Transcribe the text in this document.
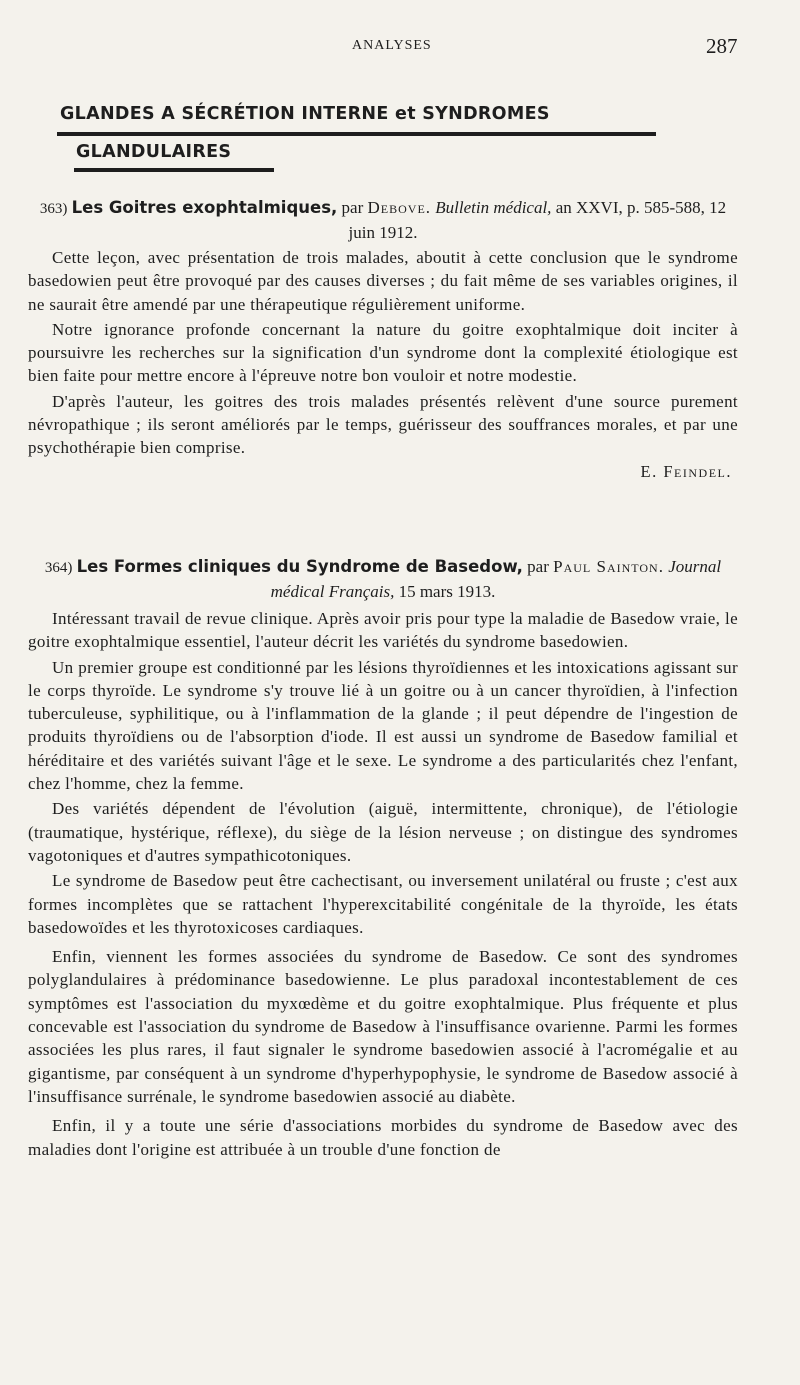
ANALYSES	287
GLANDES A SÉCRÉTION INTERNE et SYNDROMES
GLANDULAIRES
363) Les Goitres exophtalmiques, par Debove. Bulletin médical, an XXVI, p. 585-588, 12 juin 1912.

Cette leçon, avec présentation de trois malades, aboutit à cette conclusion que le syndrome basedowien peut être provoqué par des causes diverses ; du fait même de ses variables origines, il ne saurait être amendé par une thérapeutique régulièrement uniforme.

Notre ignorance profonde concernant la nature du goitre exophtalmique doit inciter à poursuivre les recherches sur la signification d'un syndrome dont la complexité étiologique est bien faite pour mettre encore à l'épreuve notre bon vouloir et notre modestie.

D'après l'auteur, les goitres des trois malades présentés relèvent d'une source purement névropathique ; ils seront améliorés par le temps, guérisseur des souffrances morales, et par une psychothérapie bien comprise.

E. Feindel.
364) Les Formes cliniques du Syndrome de Basedow, par Paul Sainton. Journal médical Français, 15 mars 1913.

Intéressant travail de revue clinique. Après avoir pris pour type la maladie de Basedow vraie, le goitre exophtalmique essentiel, l'auteur décrit les variétés du syndrome basedowien.

Un premier groupe est conditionné par les lésions thyroïdiennes et les intoxications agissant sur le corps thyroïde. Le syndrome s'y trouve lié à un goitre ou à un cancer thyroïdien, à l'infection tuberculeuse, syphilitique, ou à l'inflammation de la glande ; il peut dépendre de l'ingestion de produits thyroïdiens ou de l'absorption d'iode. Il est aussi un syndrome de Basedow familial et héréditaire et des variétés suivant l'âge et le sexe. Le syndrome a des particularités chez l'enfant, chez l'homme, chez la femme.

Des variétés dépendent de l'évolution (aiguë, intermittente, chronique), de l'étiologie (traumatique, hystérique, réflexe), du siège de la lésion nerveuse ; on distingue des syndromes vagotoniques et d'autres sympathicotoniques.

Le syndrome de Basedow peut être cachectisant, ou inversement unilatéral ou fruste ; c'est aux formes incomplètes que se rattachent l'hyperexcitabilité congénitale de la thyroïde, les états basedowoïdes et les thyrotoxicoses cardiaques.

Enfin, viennent les formes associées du syndrome de Basedow. Ce sont des syndromes polyglandulaires à prédominance basedowienne. Le plus paradoxal incontestablement de ces symptômes est l'association du myxœdème et du goitre exophtalmique. Plus fréquente et plus concevable est l'association du syndrome de Basedow à l'insuffisance ovarienne. Parmi les formes associées les plus rares, il faut signaler le syndrome basedowien associé à l'acromégalie et au gigantisme, par conséquent à un syndrome d'hyperhypophysie, le syndrome de Basedow associé à l'insuffisance surrénale, le syndrome basedowien associé au diabète.

Enfin, il y a toute une série d'associations morbides du syndrome de Basedow avec des maladies dont l'origine est attribuée à un trouble d'une fonction de
